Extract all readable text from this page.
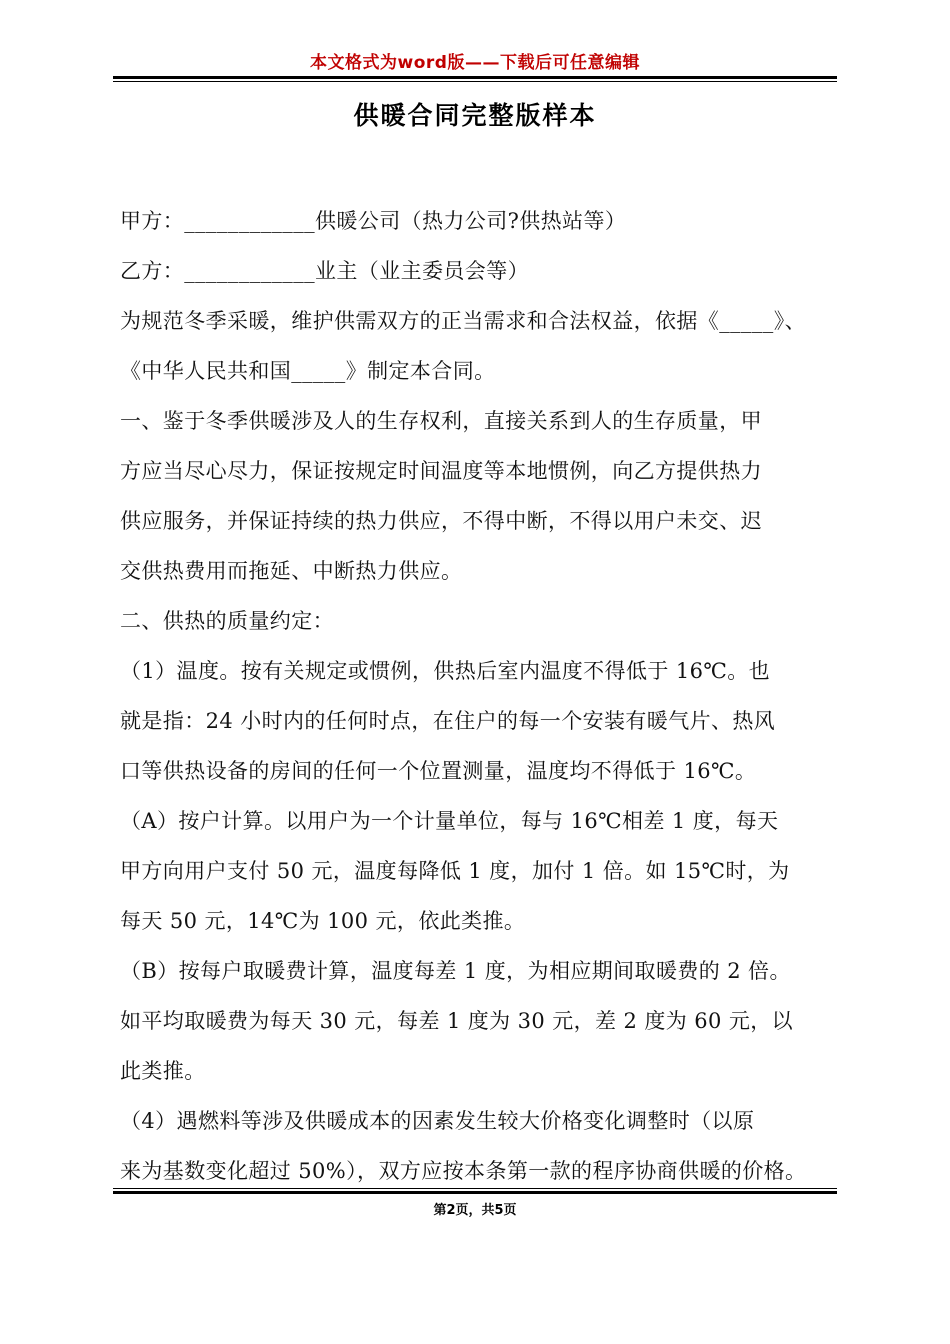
本文格式为word版——下载后可任意编辑
供暖合同完整版样本

甲方：____________供暖公司（热力公司?供热站等）

乙方：____________业主（业主委员会等）

为规范冬季采暖，维护供需双方的正当需求和合法权益，依据《_____》、

《中华人民共和国_____》制定本合同。

一、鉴于冬季供暖涉及人的生存权利，直接关系到人的生存质量，甲

方应当尽心尽力，保证按规定时间温度等本地惯例，向乙方提供热力

供应服务，并保证持续的热力供应，不得中断，不得以用户未交、迟

交供热费用而拖延、中断热力供应。

二、供热的质量约定：

（1）温度。按有关规定或惯例，供热后室内温度不得低于 16℃。也

就是指：24 小时内的任何时点，在住户的每一个安装有暖气片、热风

口等供热设备的房间的任何一个位置测量，温度均不得低于 16℃。

（A）按户计算。以用户为一个计量单位，每与 16℃相差 1 度，每天

甲方向用户支付 50 元，温度每降低 1 度，加付 1 倍。如 15℃时，为

每天 50 元，14℃为 100 元，依此类推。

（B）按每户取暖费计算，温度每差 1 度，为相应期间取暖费的 2 倍。

如平均取暖费为每天 30 元，每差 1 度为 30 元，差 2 度为 60 元，以

此类推。

（4）遇燃料等涉及供暖成本的因素发生较大价格变化调整时（以原

来为基数变化超过 50%），双方应按本条第一款的程序协商供暖的价格。

第2页，共5页
